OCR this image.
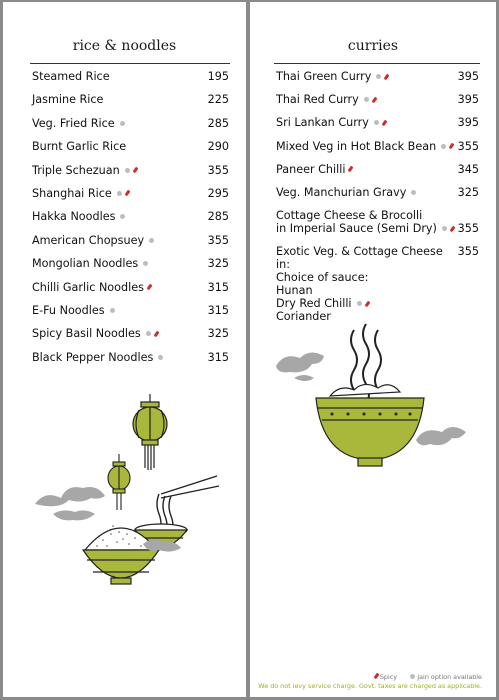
rice & noodles
Steamed Rice	195
Jasmine Rice	225
Veg. Fried Rice	285
Burnt Garlic Rice	290
Triple Schezuan	355
Shanghai Rice	295
Hakka Noodles	285
American Chopsuey	355
Mongolian Noodles	325
Chilli Garlic Noodles	315
E-Fu Noodles	315
Spicy Basil Noodles	325
Black Pepper Noodles	315
curries
Thai Green Curry	395
Thai Red Curry	395
Sri Lankan Curry	395
Mixed Veg in Hot Black Bean 355
Paneer Chilli	345
Veg. Manchurian Gravy	325
Cottage Cheese & Brocolli
in Imperial Sauce (Semi Dry) 355
Exotic Veg. & Cottage Cheese in:
Choice of sauce:
Hunan
Dry Red Chilli
Coriander
355
Spicy	Jain option available
We do not levy service charge. Govt. taxes are charged as applicable.
